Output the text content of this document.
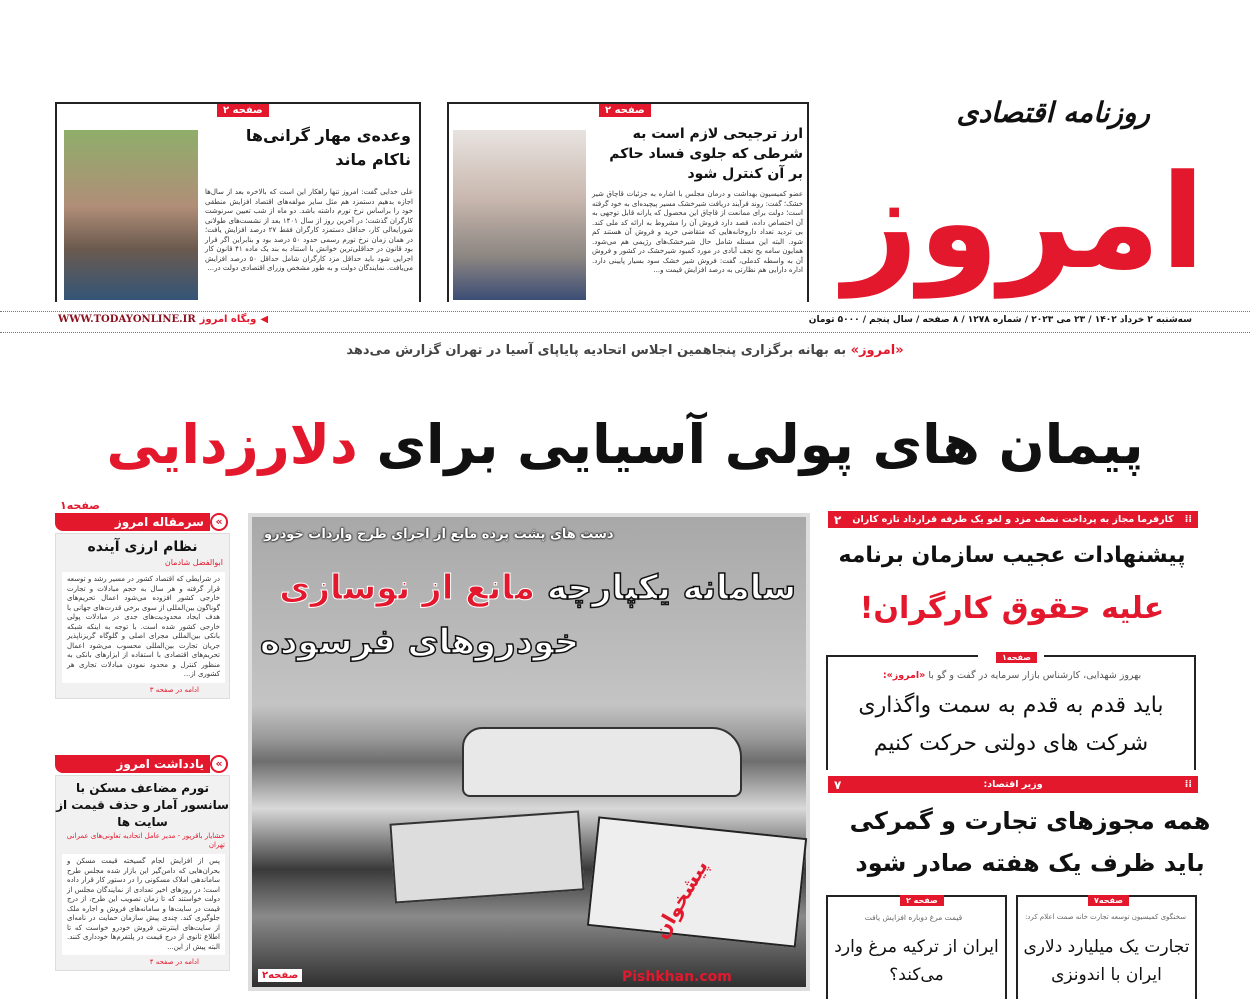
امروز
روزنامه اقتصادی
صفحه ۲
ارز ترجیحی لازم است به شرطی که جلوی فساد حاکم بر آن کنترل شود
عضو کمیسیون بهداشت و درمان مجلس با اشاره به جزئیات قاچاق شیر خشک؛ گفت: روند فرآیند دریافت شیرخشک مسیر پیچیده‌ای به خود گرفته است؛ دولت برای ممانعت از قاچاق این محصول که یارانه قابل توجهی به آن اختصاص داده، قصد دارد فروش آن را مشروط به ارائه کد ملی کند. بی تردید تعداد داروخانه‌هایی که متقاضی خرید و فروش آن هستند کم شود. البته این مسئله شامل حال شیرخشک‌های رژیمی هم می‌شود. همایون سامه یح نجف آبادی در مورد کمبود شیرخشک در کشور و فروش آن به واسطه کدملی، گفت: فروش شیر خشک سود بسیار پایینی دارد. اداره دارایی هم نظارتی به درصد افزایش قیمت و...
صفحه ۲
وعده‌ی مهار گرانی‌ها ناکام ماند
علی خدایی گفت: امروز تنها راهکار این است که بالاخره بعد از سال‌ها اجازه بدهیم دستمزد هم مثل سایر مولفه‌های اقتصاد افزایش منطقی خود را براساس نرخ تورم داشته باشد. دو ماه از شب تعیین سرنوشت کارگران گذشت؛ در آخرین روز از سال ۱۴۰۱ بعد از نشست‌های طولانی شورایعالی کار، حداقل دستمزد کارگران فقط ۲۷ درصد افزایش یافت؛ در همان زمان نرخ تورم رسمی حدود ۵۰ درصد بود و بنابراین اگر قرار بود قانون در حداقلی‌ترین خوانش با استناد به بند یک ماده ۴۱ قانون کار اجرایی شود باید حداقل مزد کارگران شامل حداقل ۵۰ درصد افزایش می‌یافت. نمایندگان دولت و به طور مشخص وزرای اقتصادی دولت در...
سه‌شنبه ۲ خرداد ۱۴۰۲ / ۲۳ می ۲۰۲۳ / شماره ۱۲۷۸ / ۸ صفحه / سال پنجم / ۵۰۰۰ تومان
WWW.TODAYONLINE.IR وبگاه امروز ◀
«امروز» به بهانه برگزاری پنجاهمین اجلاس اتحادیه پایاپای آسیا در تهران گزارش می‌دهد
پیمان های پولی آسیایی برای دلارزدایی
صفحه۱
سرمقاله امروز	«
نظام ارزی آینده
ابوالفضل شادمان
در شرایطی که اقتصاد کشور در مسیر رشد و توسعه قرار گرفته و هر سال به حجم مبادلات و تجارت خارجی کشور افزوده می‌شود اعمال تحریم‌های گوناگون بین‌المللی از سوی برخی قدرت‌های جهانی با هدف ایجاد محدودیت‌های جدی در مبادلات پولی خارجی کشور شده است. با توجه به اینکه شبکه بانکی بین‌المللی مجرای اصلی و گلوگاه گریزناپذیر جریان تجارت بین‌المللی محسوب می‌شود اعمال تحریم‌های اقتصادی با استفاده از ابزارهای بانکی به منظور کنترل و محدود نمودن مبادلات تجاری هر کشوری از...
ادامه در صفحه ۳
یادداشت امروز	«
تورم مضاعف مسکن با سانسور آمار و حذف قیمت از سایت ها
خشایار باقرپور - مدیر عامل اتحادیه تعاونی‌های عمرانی تهران
پس از افزایش لجام گسیخته قیمت مسکن و بحران‌هایی که دامن‌گیر این بازار شده مجلس طرح ساماندهی املاک مسکونی را در دستور کار قرار داده است؛ در روزهای اخیر تعدادی از نمایندگان مجلس از دولت خواستند که تا زمان تصویب این طرح، از درج قیمت در سایت‌ها و سامانه‌های فروش و اجاره ملک جلوگیری کند. چندی پیش سازمان حمایت در نامه‌ای از سایت‌های اینترنتی فروش خودرو خواست که تا اطلاع ثانوی از درج قیمت در پلتفرم‌ها خودداری کنند. البته پیش از این...
ادامه در صفحه ۴
دست های پشت پرده مانع از اجرای طرح واردات خودرو
سامانه یکپارچه مانع از نوسازی
خودروهای فرسوده
صفحه۲
پیشخوان
Pishkhan.com
⁞⁞
کارفرما مجاز به پرداخت نصف مزد و لغو یک طرفه قرارداد تازه کاران
۲
پیشنهادات عجیب سازمان برنامه
علیه حقوق کارگران!
صفحه۱
بهروز شهدایی، کارشناس بازار سرمایه در گفت و گو با «امروز»:
باید قدم به قدم به سمت واگذاری شرکت های دولتی حرکت کنیم
⁞⁞
وزیر اقتصاد:
۷
همه مجوزهای تجارت و گمرکی باید ظرف یک هفته صادر شود
صفحه۷
سخنگوی کمیسیون توسعه تجارت خانه صمت اعلام کرد:
تجارت یک میلیارد دلاری ایران با اندونزی
صفحه ۲
قیمت مرغ دوباره افزایش یافت
ایران از ترکیه مرغ وارد می‌کند؟
